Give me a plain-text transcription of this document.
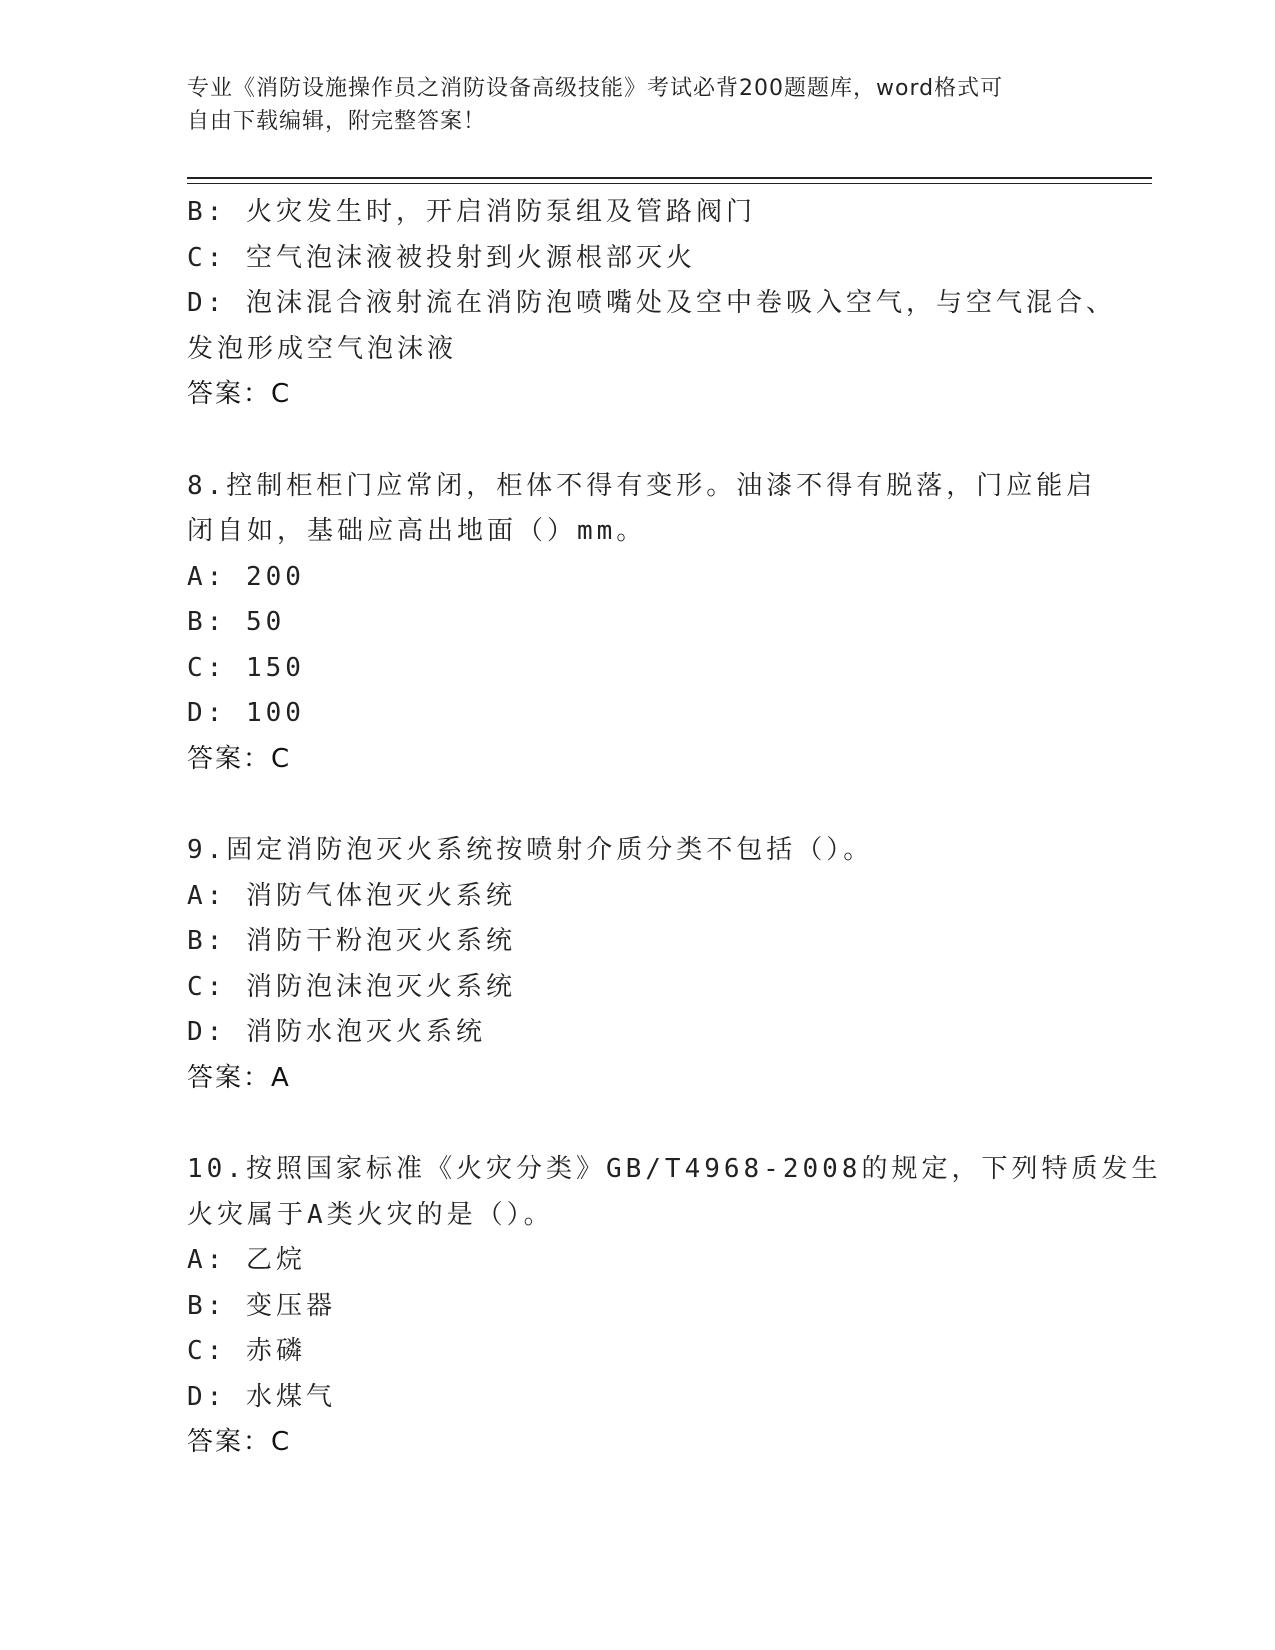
专业《消防设施操作员之消防设备高级技能》考试必背200题题库，word格式可
自由下载编辑，附完整答案！
B: 火灾发生时，开启消防泵组及管路阀门
C: 空气泡沫液被投射到火源根部灭火
D: 泡沫混合液射流在消防泡喷嘴处及空中卷吸入空气，与空气混合、
发泡形成空气泡沫液
答案：C
8.控制柜柜门应常闭，柜体不得有变形。油漆不得有脱落，门应能启
闭自如，基础应高出地面（）mm。
A: 200
B: 50
C: 150
D: 100
答案：C
9.固定消防泡灭火系统按喷射介质分类不包括（）。
A: 消防气体泡灭火系统
B: 消防干粉泡灭火系统
C: 消防泡沫泡灭火系统
D: 消防水泡灭火系统
答案：A
10.按照国家标准《火灾分类》GB/T4968-2008的规定，下列特质发生
火灾属于A类火灾的是（）。
A: 乙烷
B: 变压器
C: 赤磷
D: 水煤气
答案：C
